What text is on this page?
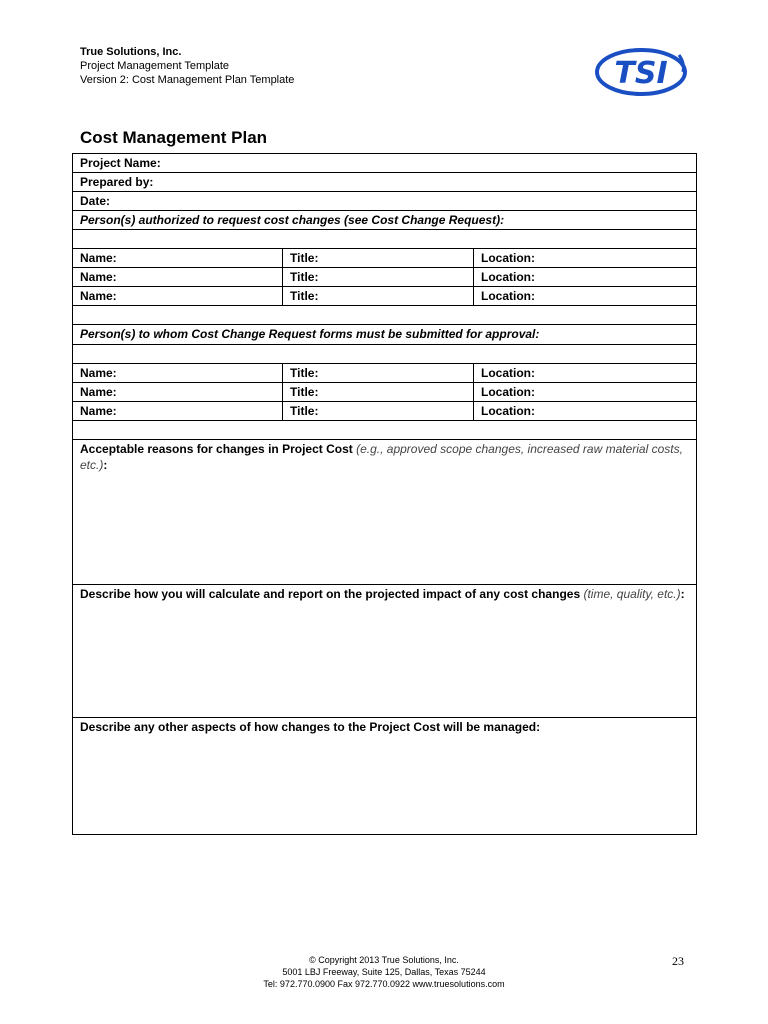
True Solutions, Inc.
Project Management Template
Version 2: Cost Management Plan Template	TSI
Cost Management Plan
Project Name:		
Prepared by:		
Date:		
Person(s) authorized to request cost changes (see Cost Change Request):		

Name:	Title:	Location:
Name:	Title:	Location:
Name:	Title:	Location:

Person(s) to whom Cost Change Request forms must be submitted for approval:		

Name:	Title:	Location:
Name:	Title:	Location:
Name:	Title:	Location:

Acceptable reasons for changes in Project Cost (e.g., approved scope changes, increased raw material costs, etc.):		
Describe how you will calculate and report on the projected impact of any cost changes (time, quality, etc.):		
Describe any other aspects of how changes to the Project Cost will be managed:		
© Copyright 2013 True Solutions, Inc.
5001 LBJ Freeway, Suite 125, Dallas, Texas 75244
Tel: 972.770.0900 Fax 972.770.0922 www.truesolutions.com
23
